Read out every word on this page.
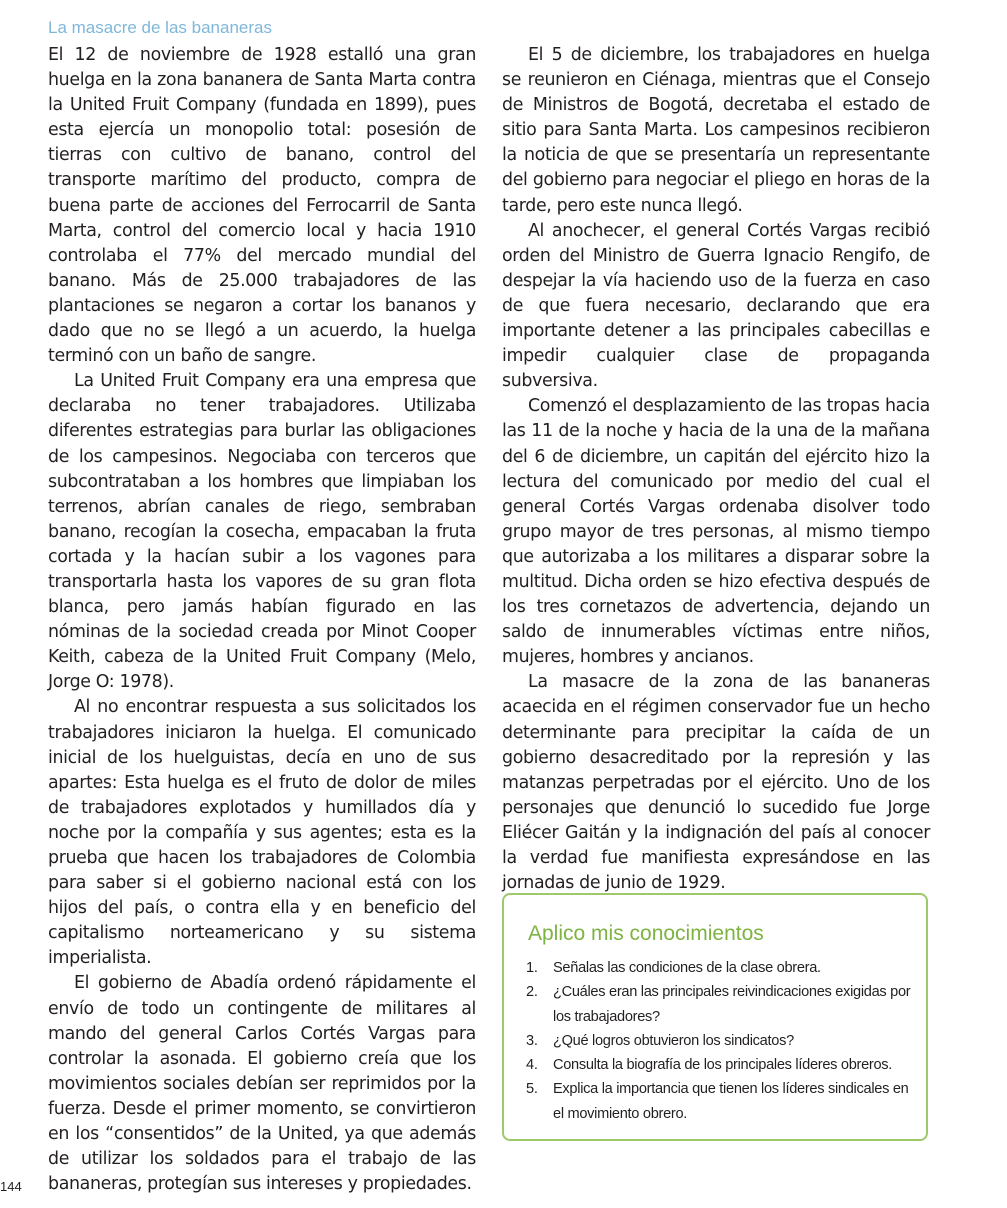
La masacre de las bananeras

El 12 de noviembre de 1928 estalló una gran huelga en la zona bananera de Santa Marta contra la United Fruit Company (fundada en 1899), pues esta ejercía un monopolio total: posesión de tierras con cultivo de banano, control del transporte marítimo del producto, compra de buena parte de acciones del Ferrocarril de Santa Marta, control del comercio local y hacia 1910 controlaba el 77% del mercado mundial del banano. Más de 25.000 trabajadores de las plantaciones se negaron a cortar los bananos y dado que no se llegó a un acuerdo, la huelga terminó con un baño de sangre.

La United Fruit Company era una empresa que declaraba no tener trabajadores. Utilizaba diferentes estrategias para burlar las obligaciones de los campesinos. Negociaba con terceros que subcontrataban a los hombres que limpiaban los terrenos, abrían canales de riego, sembraban banano, recogían la cosecha, empacaban la fruta cortada y la hacían subir a los vagones para transportarla hasta los vapores de su gran flota blanca, pero jamás habían figurado en las nóminas de la sociedad creada por Minot Cooper Keith, cabeza de la United Fruit Company (Melo, Jorge O: 1978).

Al no encontrar respuesta a sus solicitados los trabajadores iniciaron la huelga. El comunicado inicial de los huelguistas, decía en uno de sus apartes: Esta huelga es el fruto de dolor de miles de trabajadores explotados y humillados día y noche por la compañía y sus agentes; esta es la prueba que hacen los trabajadores de Colombia para saber si el gobierno nacional está con los hijos del país, o contra ella y en beneficio del capitalismo norteamericano y su sistema imperialista.

El gobierno de Abadía ordenó rápidamente el envío de todo un contingente de militares al mando del general Carlos Cortés Vargas para controlar la asonada. El gobierno creía que los movimientos sociales debían ser reprimidos por la fuerza. Desde el primer momento, se convirtieron en los “consentidos” de la United, ya que además de utilizar los soldados para el trabajo de las bananeras, protegían sus intereses y propiedades.

El 5 de diciembre, los trabajadores en huelga se reunieron en Ciénaga, mientras que el Consejo de Ministros de Bogotá, decretaba el estado de sitio para Santa Marta. Los campesinos recibieron la noticia de que se presentaría un representante del gobierno para negociar el pliego en horas de la tarde, pero este nunca llegó.

Al anochecer, el general Cortés Vargas recibió orden del Ministro de Guerra Ignacio Rengifo, de despejar la vía haciendo uso de la fuerza en caso de que fuera necesario, declarando que era importante detener a las principales cabecillas e impedir cualquier clase de propaganda subversiva.

Comenzó el desplazamiento de las tropas hacia las 11 de la noche y hacia de la una de la mañana del 6 de diciembre, un capitán del ejército hizo la lectura del comunicado por medio del cual el general Cortés Vargas ordenaba disolver todo grupo mayor de tres personas, al mismo tiempo que autorizaba a los militares a disparar sobre la multitud. Dicha orden se hizo efectiva después de los tres cornetazos de advertencia, dejando un saldo de innumerables víctimas entre niños, mujeres, hombres y ancianos.

La masacre de la zona de las bananeras acaecida en el régimen conservador fue un hecho determinante para precipitar la caída de un gobierno desacreditado por la represión y las matanzas perpetradas por el ejército. Uno de los personajes que denunció lo sucedido fue Jorge Eliécer Gaitán y la indignación del país al conocer la verdad fue manifiesta expresándose en las jornadas de junio de 1929.

Aplico mis conocimientos
1.	Señalas las condiciones de la clase obrera.
2.	¿Cuáles eran las principales reivindicaciones exigidas por los trabajadores?
3.	¿Qué logros obtuvieron los sindicatos?
4.	Consulta la biografía de los principales líderes obreros.
5.	Explica la importancia que tienen los líderes sindicales en el movimiento obrero.
144
